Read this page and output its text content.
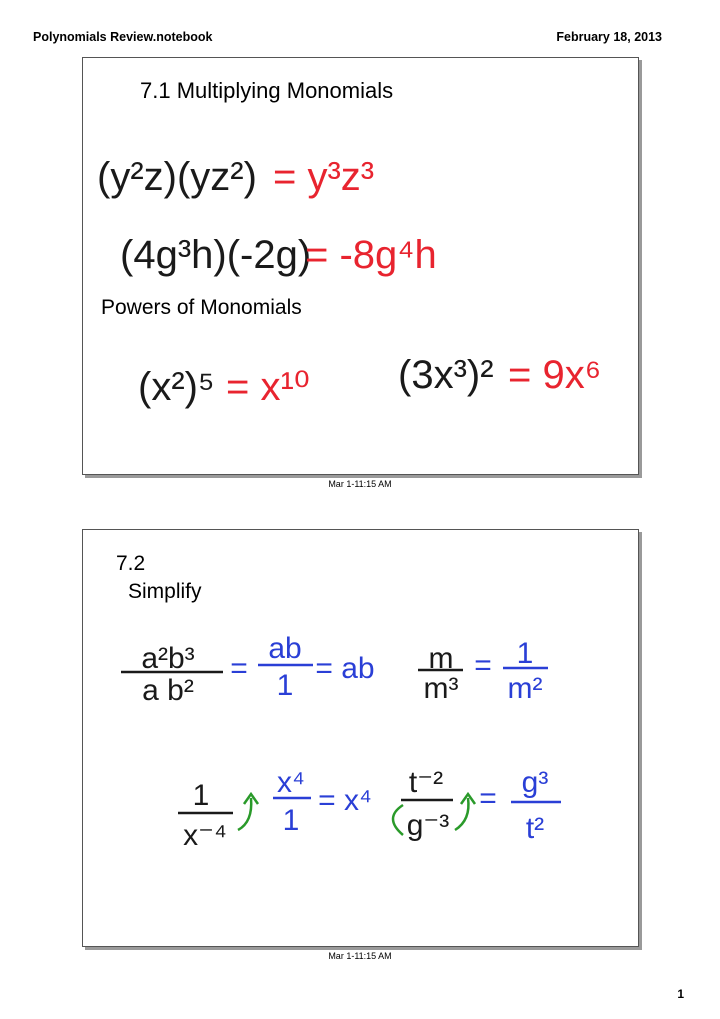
Polynomials Review.notebook	February 18, 2013
7.1 Multiplying Monomials
Powers of Monomials
(y²z)(yz²) = y³z³
(4g³h)(-2g)
= -8g⁴h
(x²)⁵ = x¹⁰ (3x³)² = 9x⁶
Mar 1-11:15 AM
7.2
Simplify
a²b³
a b²
=
ab
1
= ab m
m³
= 1
m²
1
x⁻⁴
x⁴
1
= x⁴
t⁻²
g⁻³
= g³
t²
Mar 1-11:15 AM
1
